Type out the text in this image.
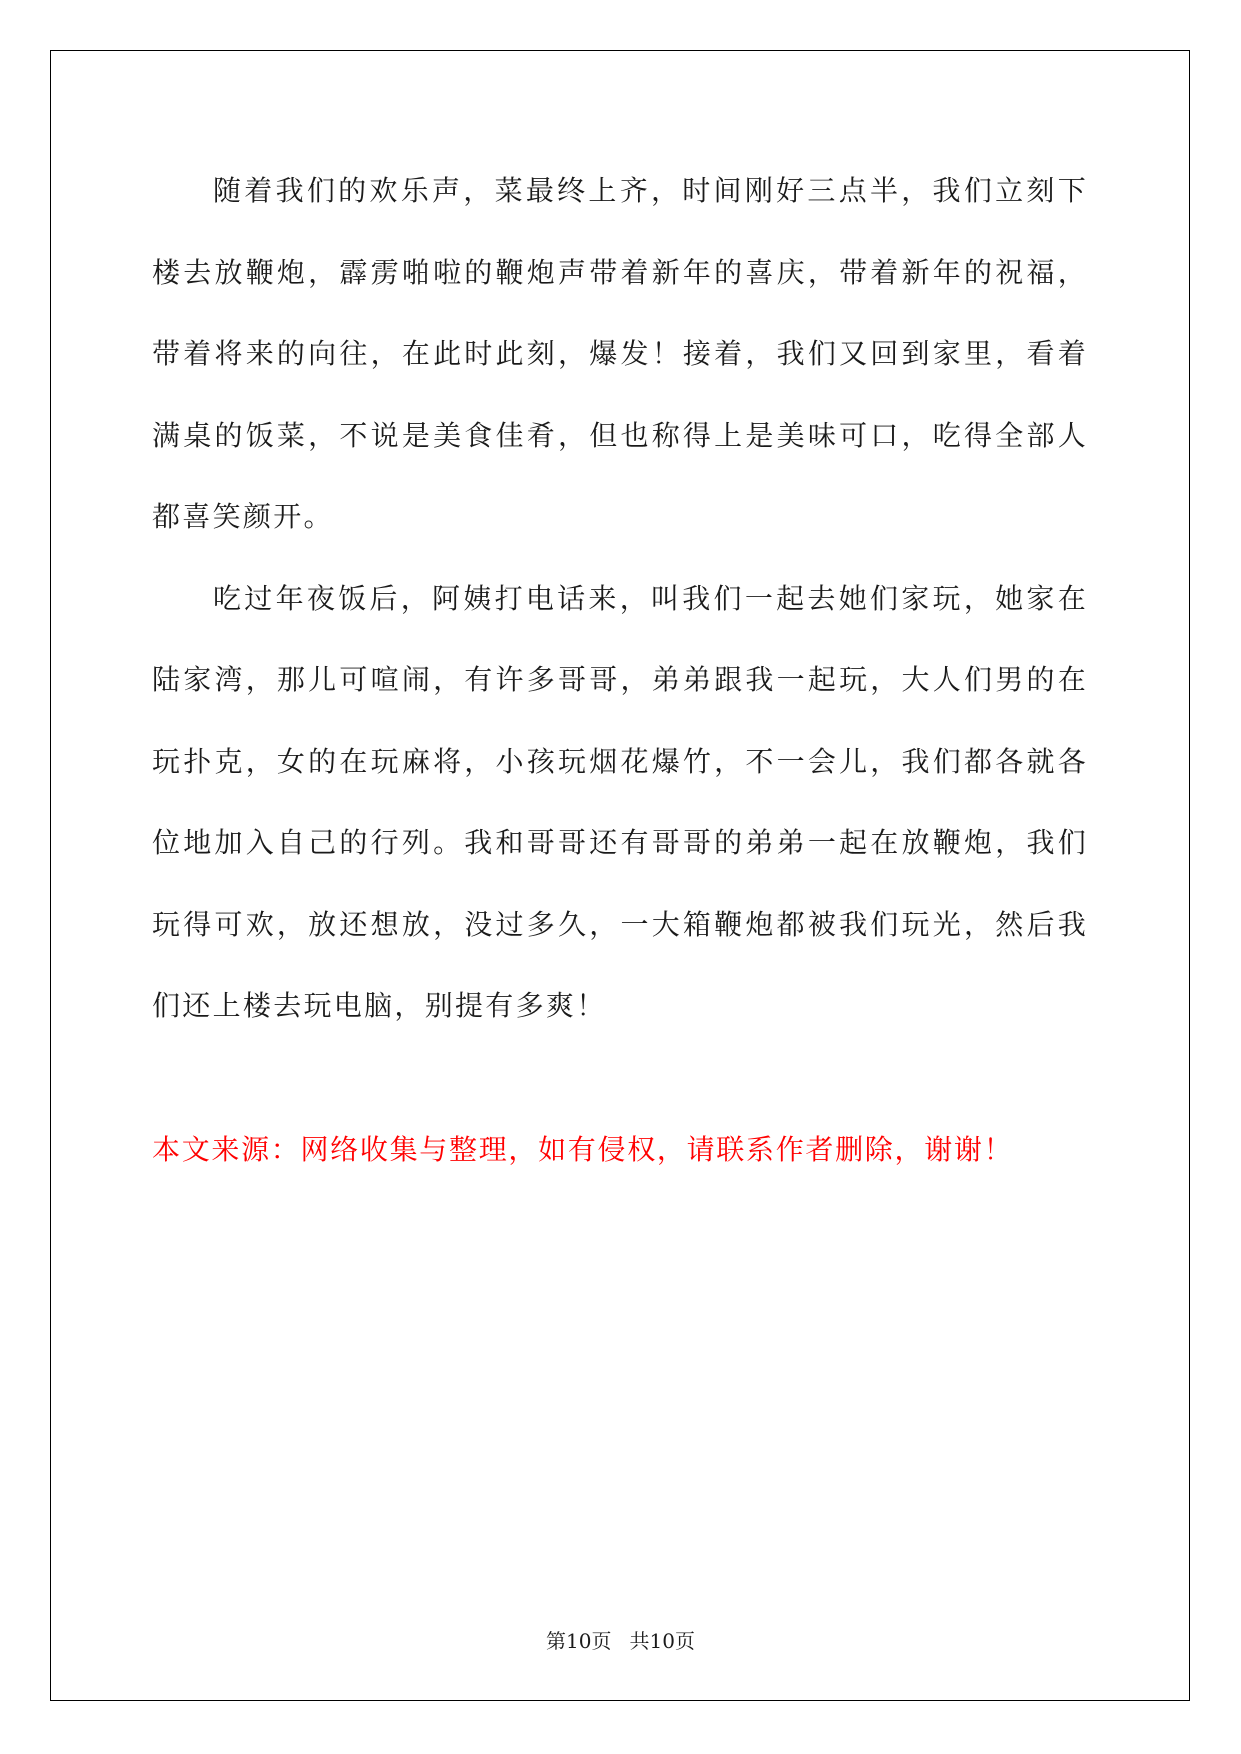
随着我们的欢乐声，菜最终上齐，时间刚好三点半，我们立刻下楼去放鞭炮，霹雳啪啦的鞭炮声带着新年的喜庆，带着新年的祝福，带着将来的向往，在此时此刻，爆发！接着，我们又回到家里，看着满桌的饭菜，不说是美食佳肴，但也称得上是美味可口，吃得全部人都喜笑颜开。

吃过年夜饭后，阿姨打电话来，叫我们一起去她们家玩，她家在陆家湾，那儿可喧闹，有许多哥哥，弟弟跟我一起玩，大人们男的在玩扑克，女的在玩麻将，小孩玩烟花爆竹，不一会儿，我们都各就各位地加入自己的行列。我和哥哥还有哥哥的弟弟一起在放鞭炮，我们玩得可欢，放还想放，没过多久，一大箱鞭炮都被我们玩光，然后我们还上楼去玩电脑，别提有多爽！

本文来源：网络收集与整理，如有侵权，请联系作者删除，谢谢！

第10页 共10页
